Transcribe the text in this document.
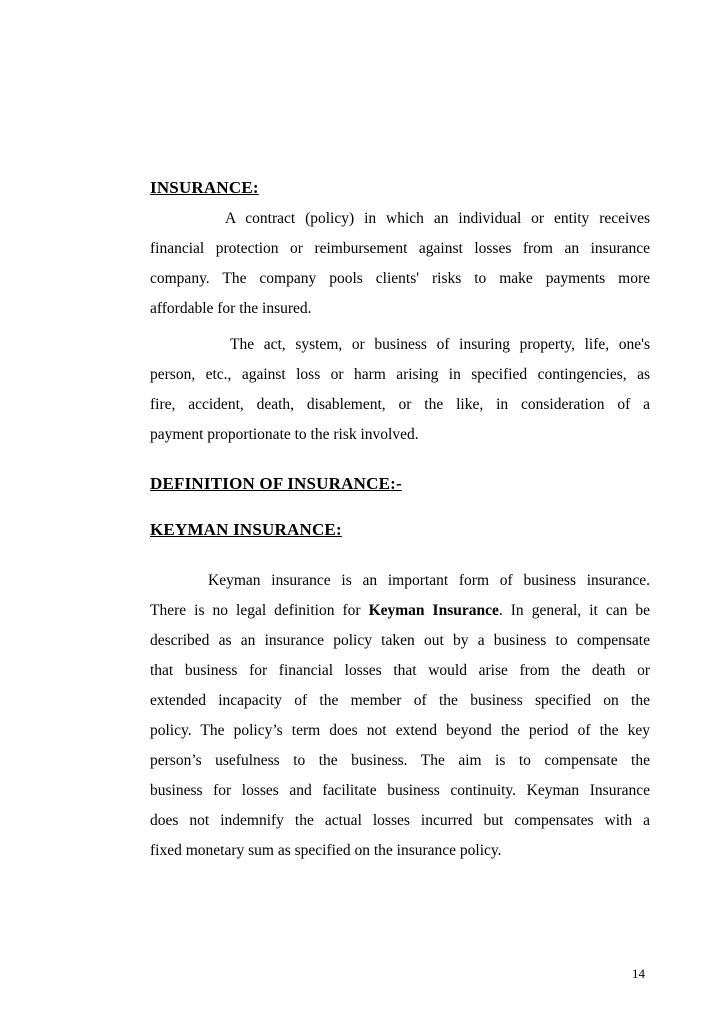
INSURANCE:
A contract (policy) in which an individual or entity receives
financial protection or reimbursement against losses from an insurance
company. The company pools clients' risks to make payments more
affordable for the insured.
The act, system, or business of insuring property, life, one's
person, etc., against loss or harm arising in specified contingencies, as
fire, accident, death, disablement, or the like, in consideration of a
payment proportionate to the risk involved.
DEFINITION OF INSURANCE:-
KEYMAN INSURANCE:
Keyman insurance is an important form of business insurance.
There is no legal definition for Keyman Insurance. In general, it can be
described as an insurance policy taken out by a business to compensate
that business for financial losses that would arise from the death or
extended incapacity of the member of the business specified on the
policy. The policy’s term does not extend beyond the period of the key
person’s usefulness to the business. The aim is to compensate the
business for losses and facilitate business continuity. Keyman Insurance
does not indemnify the actual losses incurred but compensates with a
fixed monetary sum as specified on the insurance policy.

14
